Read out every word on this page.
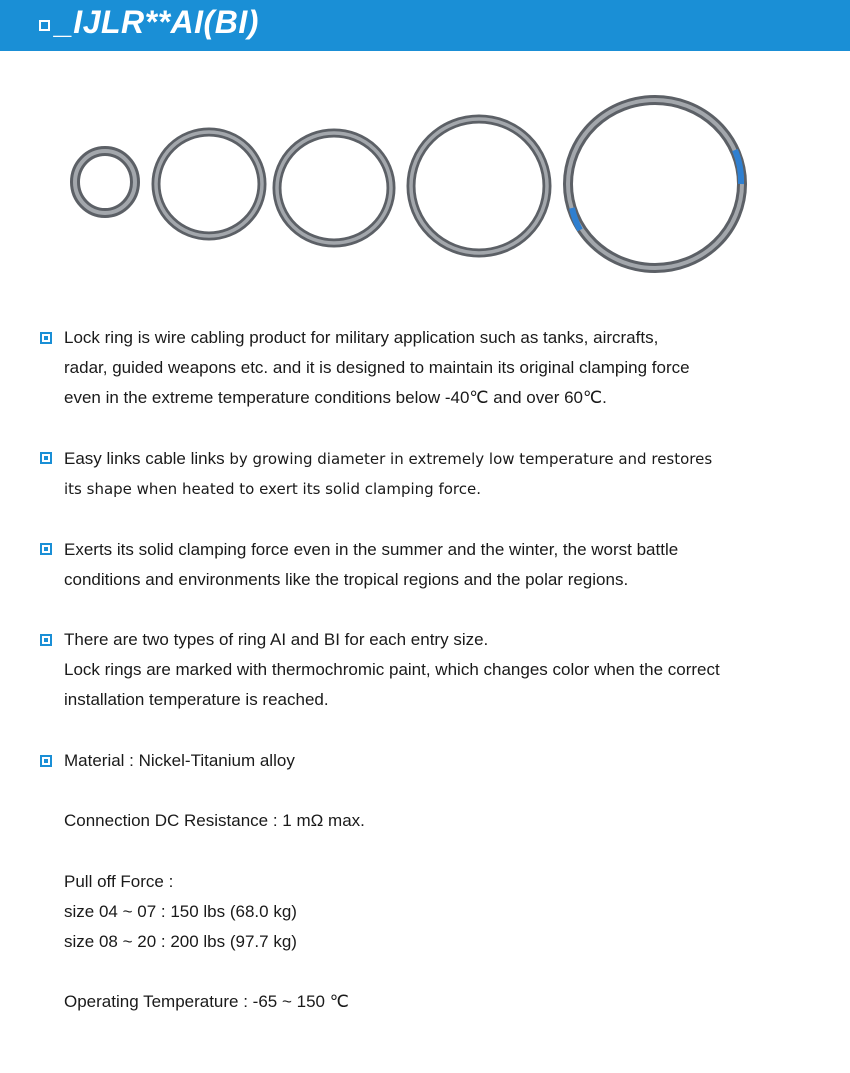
_IJLR**AI(BI)
Lock ring is wire cabling product for military application such as tanks, aircrafts,
radar, guided weapons etc. and it is designed to maintain its original clamping force
even in the extreme temperature conditions below -40℃ and over 60℃.
Easy links cable links by growing diameter in extremely low temperature and restores
its shape when heated to exert its solid clamping force.
Exerts its solid clamping force even in the summer and the winter, the worst battle
conditions and environments like the tropical regions and the polar regions.
There are two types of ring AI and BI for each entry size.
Lock rings are marked with thermochromic paint, which changes color when the correct
installation temperature is reached.
Material : Nickel-Titanium alloy
Connection DC Resistance : 1 mΩ max.
Pull off Force :
size 04 ~ 07 : 150 lbs (68.0 kg)
size 08 ~ 20 : 200 lbs (97.7 kg)
Operating Temperature : -65 ~ 150 ℃
